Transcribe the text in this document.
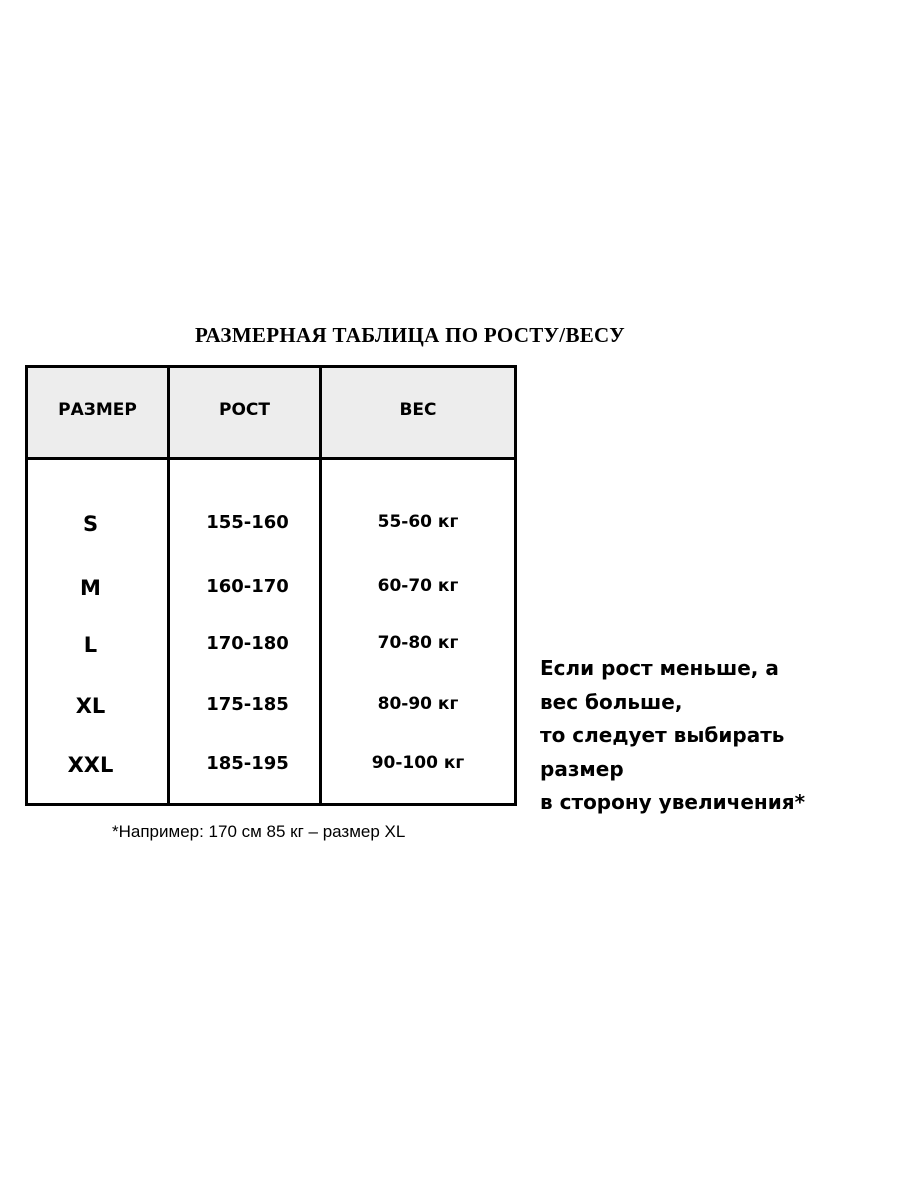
РАЗМЕРНАЯ ТАБЛИЦА ПО РОСТУ/ВЕСУ
РАЗМЕР	РОСТ	ВЕС
S	155-160	55-60 кг
M	160-170	60-70 кг
L	170-180	70-80 кг
XL	175-185	80-90 кг
XXL	185-195	90-100 кг
*Например: 170 см 85 кг – размер XL
Если рост меньше, а
вес больше,
то следует выбирать
размер
в сторону увеличения*
